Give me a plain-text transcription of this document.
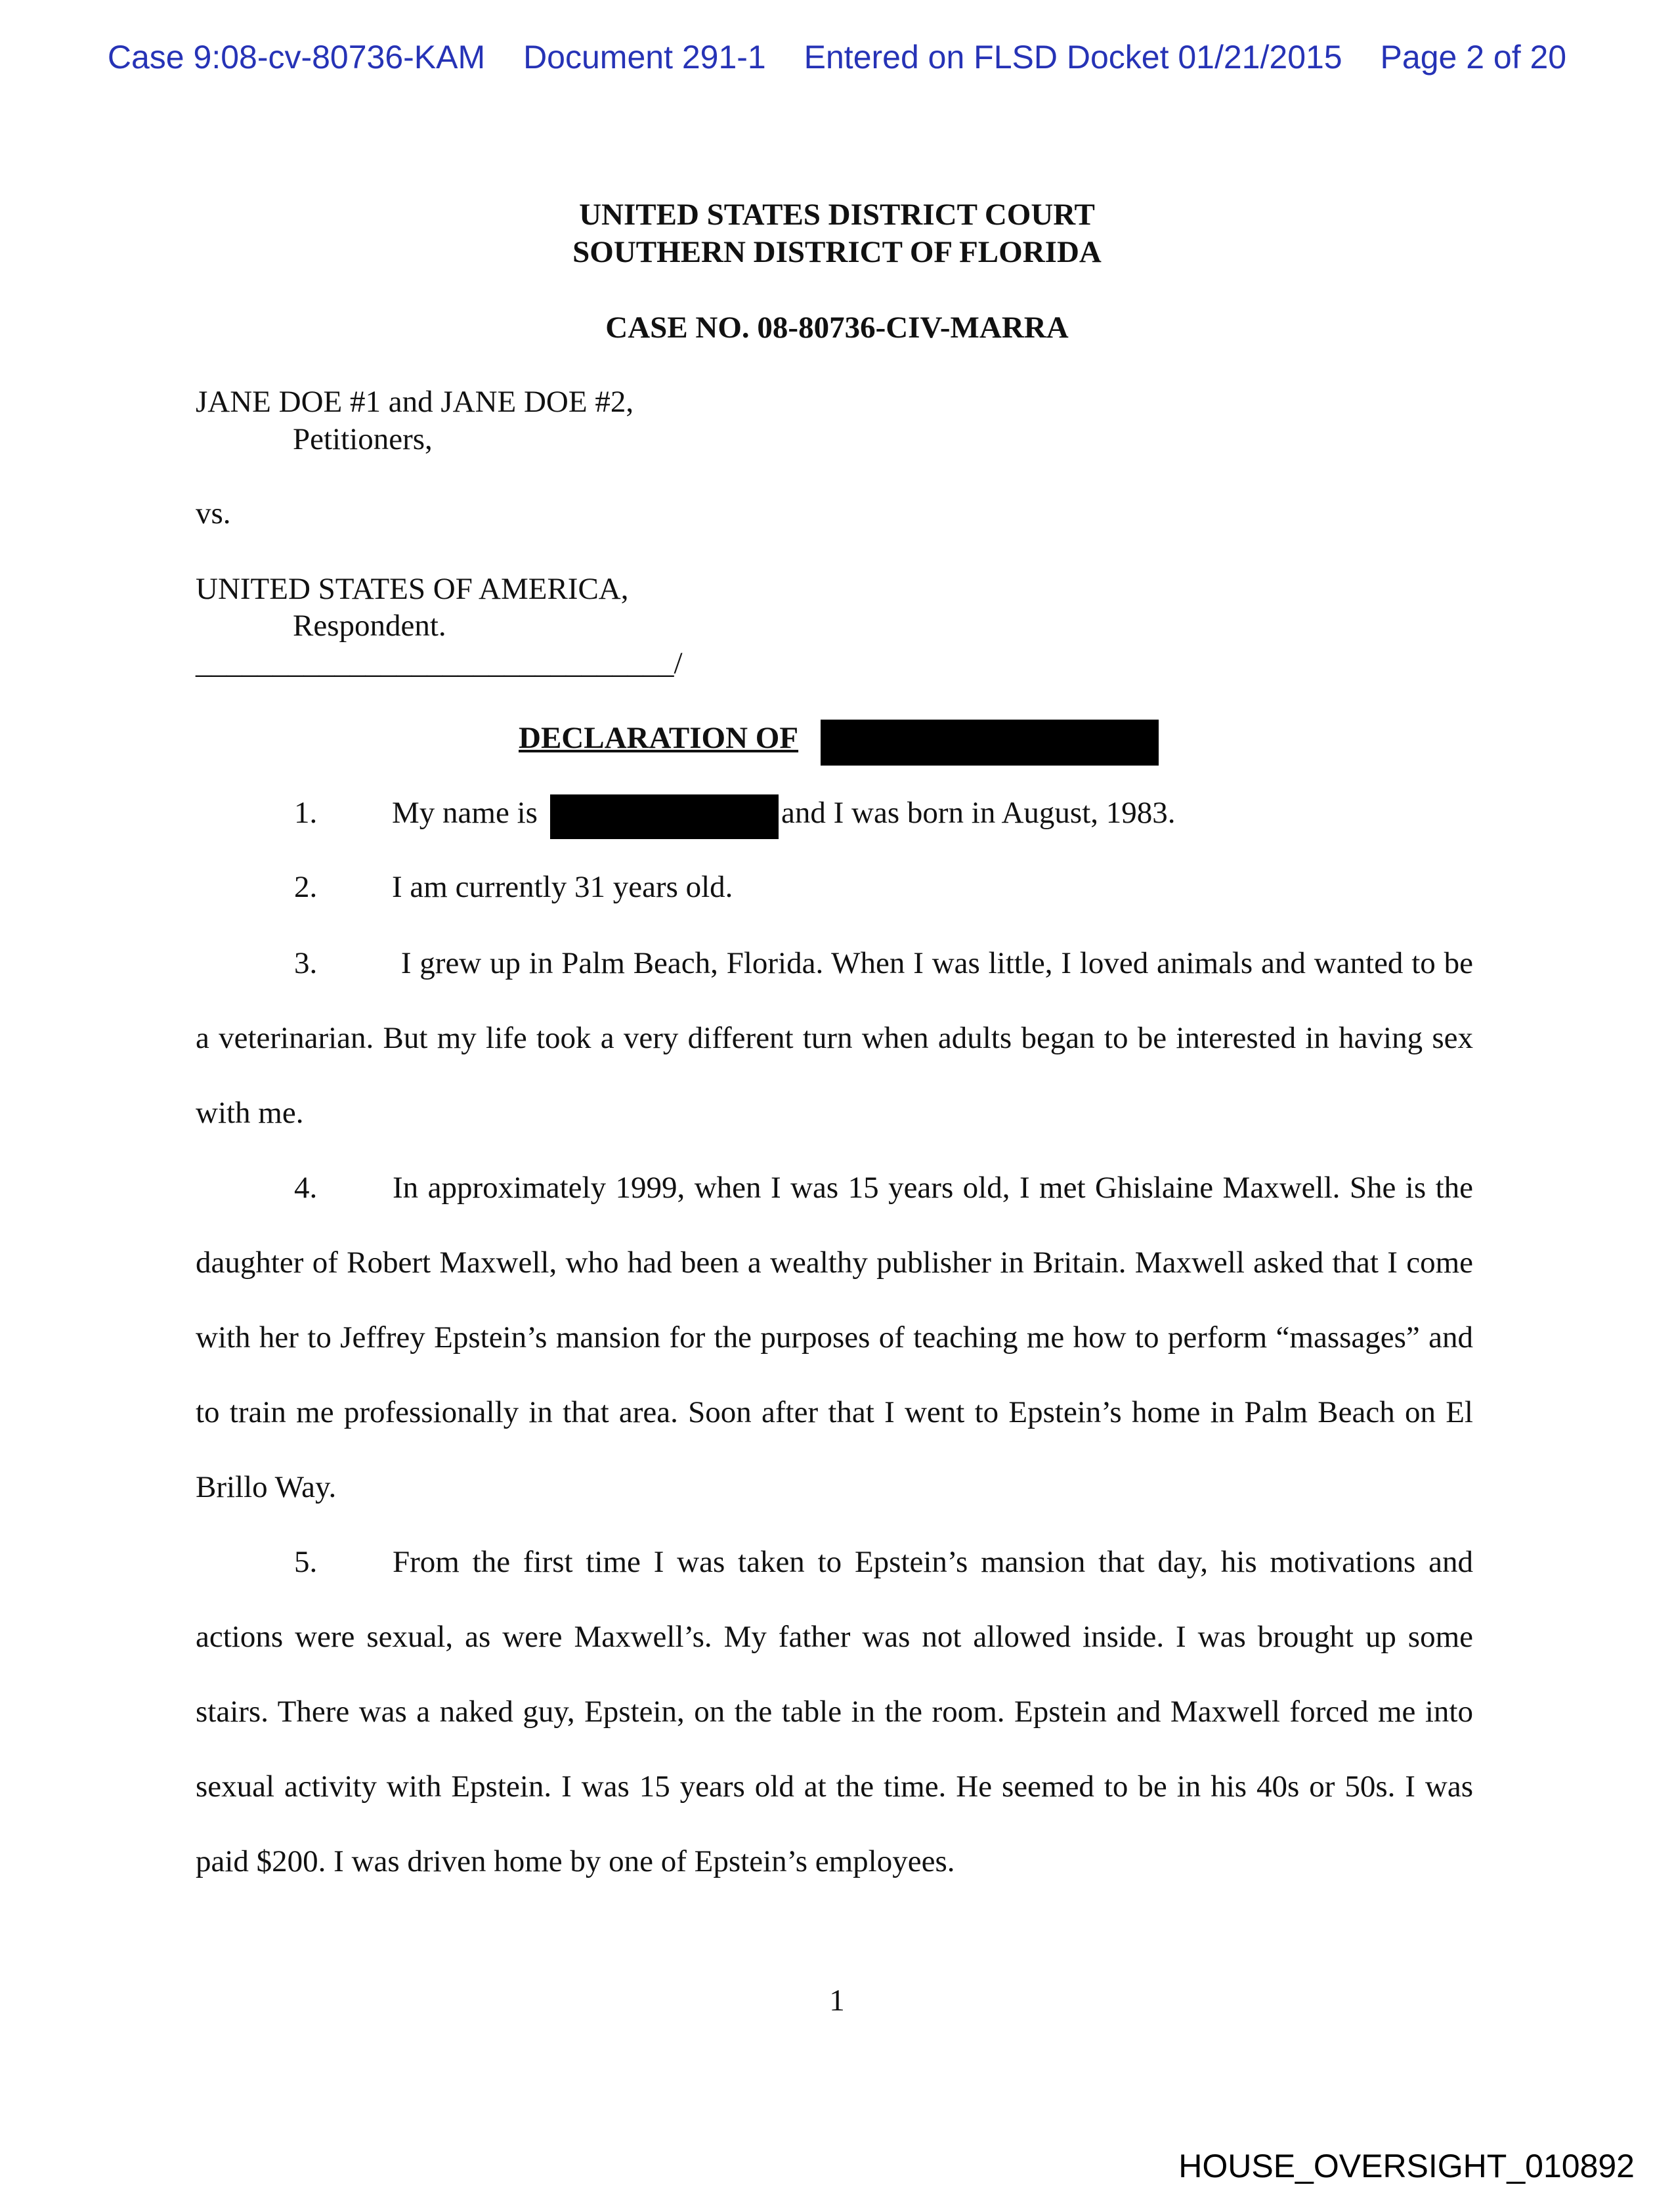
Case 9:08-cv-80736-KAM Document 291-1 Entered on FLSD Docket 01/21/2015 Page 2 of 20
UNITED STATES DISTRICT COURT
SOUTHERN DISTRICT OF FLORIDA
CASE NO. 08-80736-CIV-MARRA
JANE DOE #1 and JANE DOE #2,
Petitioners,
vs.
UNITED STATES OF AMERICA,
Respondent.
_______________________________/
DECLARATION OF
1. My name is	and I was born in August, 1983.
2. I am currently 31 years old.
3. I grew up in Palm Beach, Florida. When I was little, I loved animals and wanted to be a veterinarian. But my life took a very different turn when adults began to be interested in having sex with me.
4. In approximately 1999, when I was 15 years old, I met Ghislaine Maxwell. She is the daughter of Robert Maxwell, who had been a wealthy publisher in Britain. Maxwell asked that I come with her to Jeffrey Epstein’s mansion for the purposes of teaching me how to perform “massages” and to train me professionally in that area. Soon after that I went to Epstein’s home in Palm Beach on El Brillo Way.
5. From the first time I was taken to Epstein’s mansion that day, his motivations and actions were sexual, as were Maxwell’s. My father was not allowed inside. I was brought up some stairs. There was a naked guy, Epstein, on the table in the room. Epstein and Maxwell forced me into sexual activity with Epstein. I was 15 years old at the time. He seemed to be in his 40s or 50s. I was paid $200. I was driven home by one of Epstein’s employees.
1
HOUSE_OVERSIGHT_010892
